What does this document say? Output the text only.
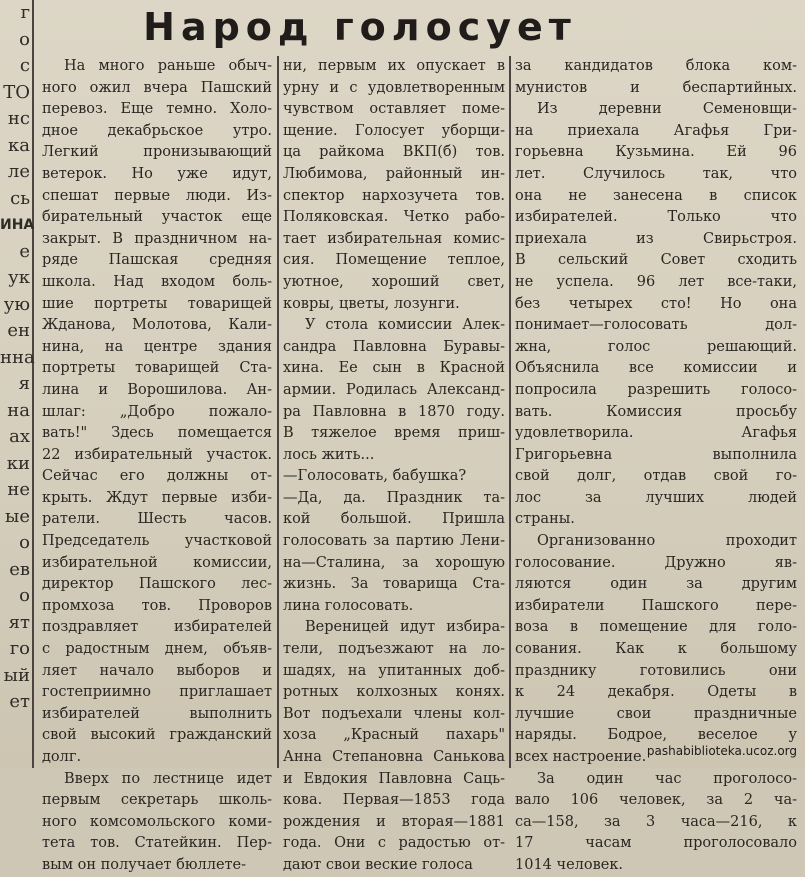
г
о
с
ТО
нс
ка
ле
сь
ИНА
е
ук
ую
ен
нна
я
на
ах
ки
не
ые
о
ев
о
ят
го
ый
ет
Народ голосует
На много раньше обыч-
ного ожил вчера Пашский
перевоз. Еще темно. Холо-
дное декабрьское утро.
Легкий пронизывающий
ветерок. Но уже идут,
спешат первые люди. Из-
бирательный участок еще
закрыт. В праздничном на-
ряде Пашская средняя
школа. Над входом боль-
шие портреты товарищей
Жданова, Молотова, Кали-
нина, на центре здания
портреты товарищей Ста-
лина и Ворошилова. Ан-
шлаг: „Добро пожало-
вать!" Здесь помещается
22 избирательный участок.
Сейчас его должны от-
крыть. Ждут первые изби-
ратели. Шесть часов.
Председатель участковой
избирательной комиссии,
директор Пашского лес-
промхоза тов. Проворов
поздравляет избирателей
с радостным днем, объяв-
ляет начало выборов и
гостеприимно приглашает
избирателей выполнить
свой высокий гражданский
долг.
Вверх по лестнице идет
первым секретарь школь-
ного комсомольского коми-
тета тов. Статейкин. Пер-
вым он получает бюллете-
ни, первым их опускает в
урну и с удовлетворенным
чувством оставляет поме-
щение. Голосует уборщи-
ца райкома ВКП(б) тов.
Любимова, районный ин-
спектор нархозучета тов.
Поляковская. Четко рабо-
тает избирательная комис-
сия. Помещение теплое,
уютное, хороший свет,
ковры, цветы, лозунги.
У стола комиссии Алек-
сандра Павловна Буравы-
хина. Ее сын в Красной
армии. Родилась Александ-
ра Павловна в 1870 году.
В тяжелое время приш-
лось жить...
—Голосовать, бабушка?
—Да, да. Праздник та-
кой большой. Пришла
голосовать за партию Лени-
на—Сталина, за хорошую
жизнь. За товарища Ста-
лина голосовать.
Вереницей идут избира-
тели, подъезжают на ло-
шадях, на упитанных доб-
ротных колхозных конях.
Вот подъехали члены кол-
хоза „Красный пахарь"
Анна Степановна Санькова
и Евдокия Павловна Саць-
кова. Первая—1853 года
рождения и вторая—1881
года. Они с радостью от-
дают свои веские голоса
за кандидатов блока ком-
мунистов и беспартийных.
Из деревни Семеновщи-
на приехала Агафья Гри-
горьевна Кузьмина. Ей 96
лет. Случилось так, что
она не занесена в список
избирателей. Только что
приехала из Свирьстроя.
В сельский Совет сходить
не успела. 96 лет все-таки,
без четырех сто! Но она
понимает—голосовать дол-
жна, голос решающий.
Объяснила все комиссии и
попросила разрешить голосо-
вать. Комиссия просьбу
удовлетворила. Агафья
Григорьевна выполнила
свой долг, отдав свой го-
лос за лучших людей
страны.
Организованно проходит
голосование. Дружно яв-
ляются один за другим
избиратели Пашского пере-
воза в помещение для голо-
сования. Как к большому
празднику готовились они
к 24 декабря. Одеты в
лучшие свои праздничные
наряды. Бодрое, веселое у
всех настроение.
За один час проголосо-
вало 106 человек, за 2 ча-
са—158, за 3 часа—216, к
17 часам проголосовало
1014 человек.
pashabiblioteka.ucoz.org
